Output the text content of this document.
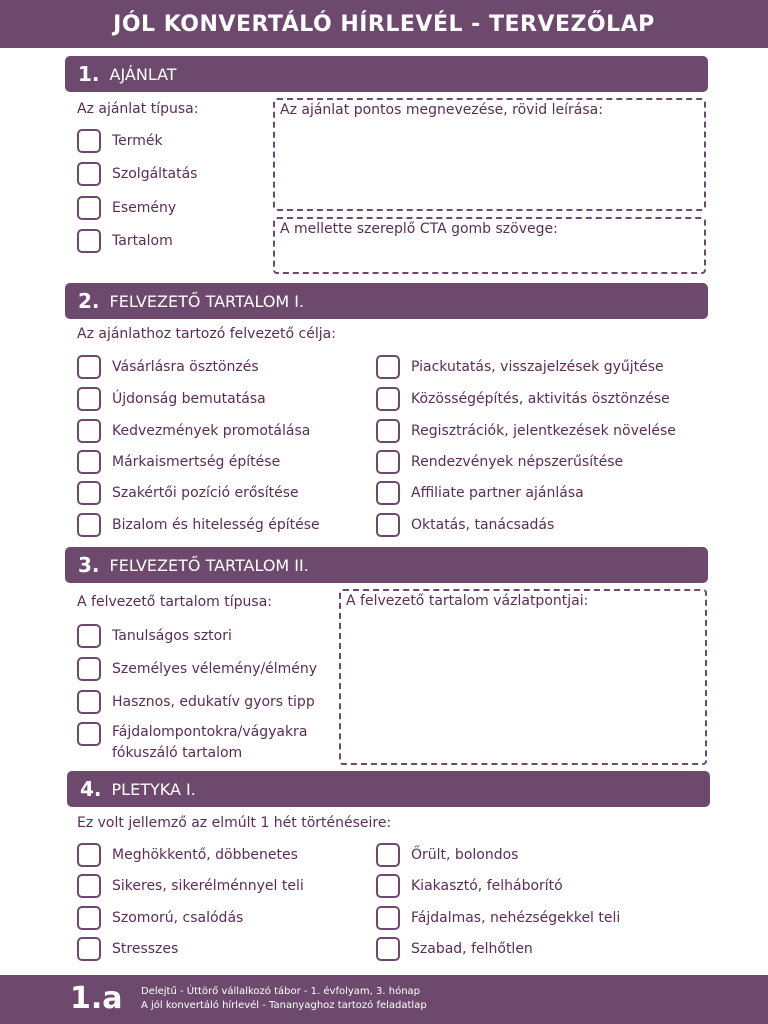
JÓL KONVERTÁLÓ HÍRLEVÉL - TERVEZŐLAP
1. AJÁNLAT
Az ajánlat típusa:
Termék
Szolgáltatás
Esemény
Tartalom
Az ajánlat pontos megnevezése, rövid leírása:
A mellette szereplő CTA gomb szövege:
2. FELVEZETŐ TARTALOM I.
Az ajánlathoz tartozó felvezető célja:
Vásárlásra ösztönzés
Újdonság bemutatása
Kedvezmények promotálása
Márkaismertség építése
Szakértői pozíció erősítése
Bizalom és hitelesség építése
Piackutatás, visszajelzések gyűjtése
Közösségépítés, aktivitás ösztönzése
Regisztrációk, jelentkezések növelése
Rendezvények népszerűsítése
Affiliate partner ajánlása
Oktatás, tanácsadás
3. FELVEZETŐ TARTALOM II.
A felvezető tartalom típusa:
Tanulságos sztori
Személyes vélemény/élmény
Hasznos, edukatív gyors tipp
Fájdalompontokra/vágyakra
fókuszáló tartalom
A felvezető tartalom vázlatpontjai:
4. PLETYKA I.
Ez volt jellemző az elmúlt 1 hét történéseire:
Meghökkentő, döbbenetes
Sikeres, sikerélménnyel teli
Szomorú, csalódás
Stresszes
Őrült, bolondos
Kiakasztó, felháborító
Fájdalmas, nehézségekkel teli
Szabad, felhőtlen
1.a Delejtű - Úttörő vállalkozó tábor - 1. évfolyam, 3. hónap
A jól konvertáló hírlevél - Tananyaghoz tartozó feladatlap
